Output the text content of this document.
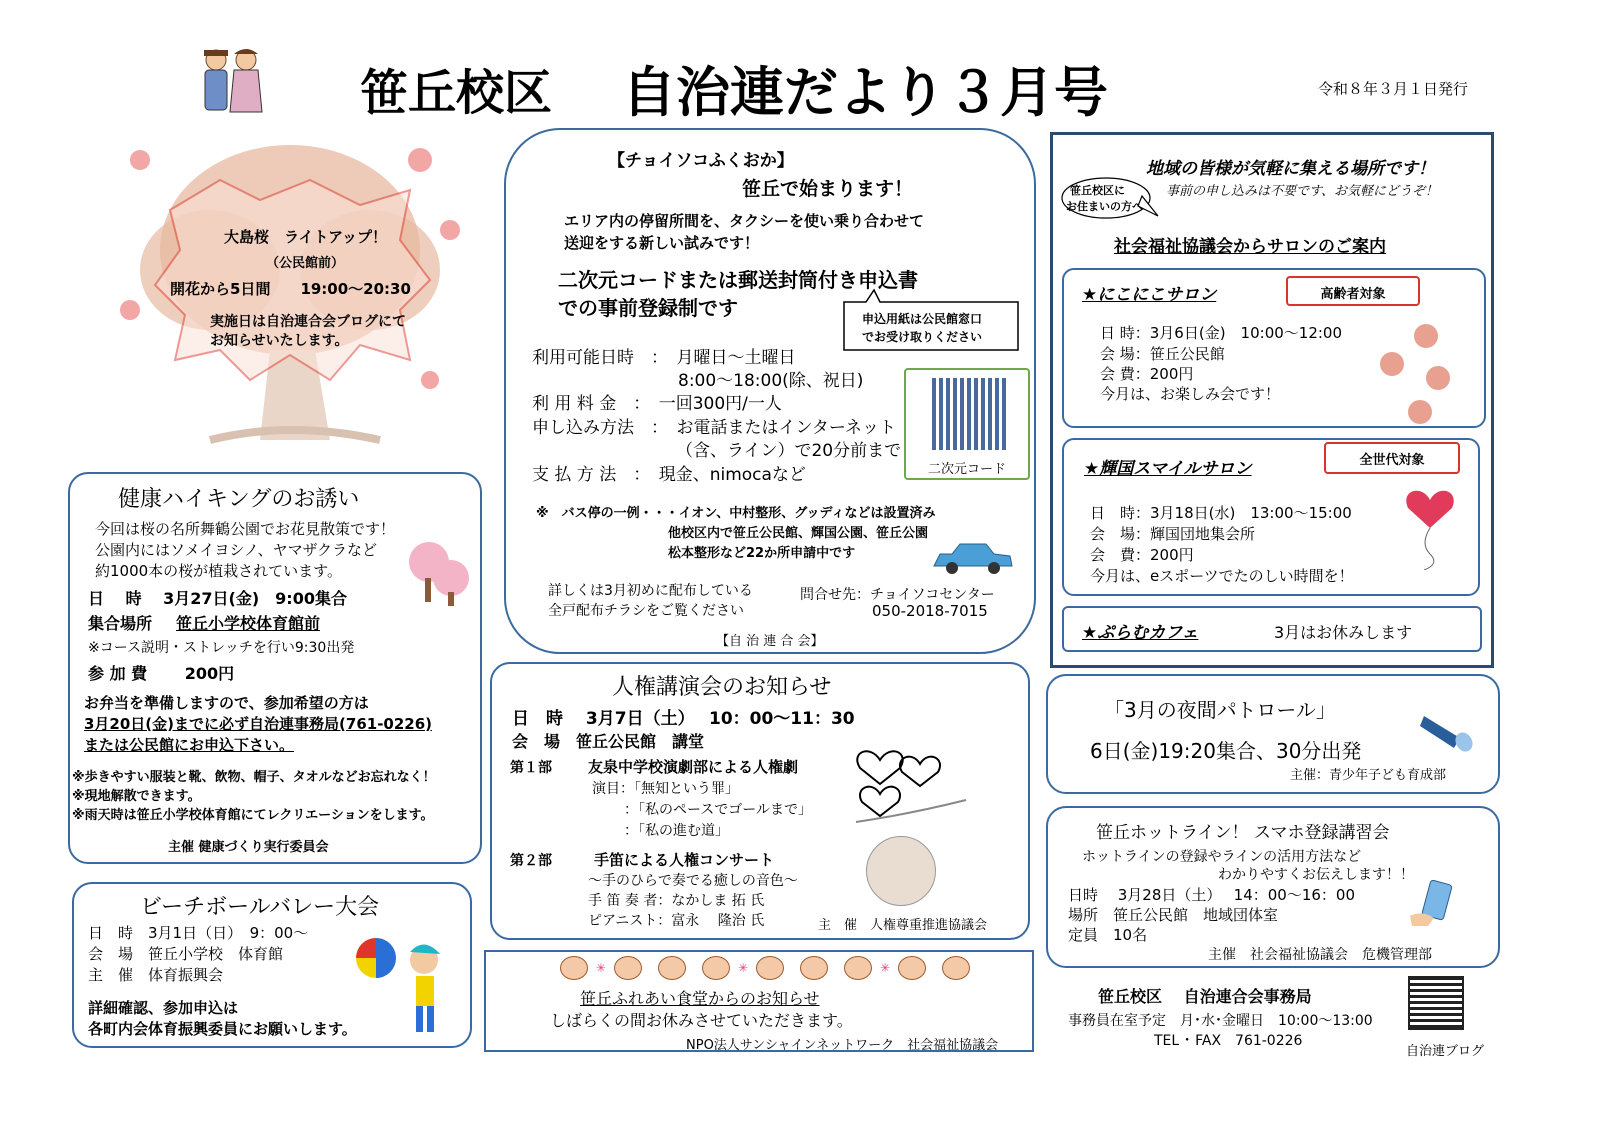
笹丘校区 自治連だより３月号	令和８年３月１日発行
大島桜　ライトアップ！
（公民館前）
開花から5日間　　19:00～20:30
実施日は自治連合会ブログにて
お知らせいたします。
健康ハイキングのお誘い
今回は桜の名所舞鶴公園でお花見散策です！
公園内にはソメイヨシノ、ヤマザクラなど
約1000本の桜が植栽されています。
日　 時　 3月27日(金)　9:00集合
集合場所 笹丘小学校体育館前
※コース説明・ストレッチを行い9:30出発
参 加 費　　 200円
お弁当を準備しますので、参加希望の方は
3月20日(金)までに必ず自治連事務局(761-0226)
または公民館にお申込下さい。
※歩きやすい服装と靴、飲物、帽子、タオルなどお忘れなく！
※現地解散できます。
※雨天時は笹丘小学校体育館にてレクリエーションをします。
主催 健康づくり実行委員会
ビーチボールバレー大会
日　時　3月1日（日）　9：00～
会　場　笹丘小学校　体育館
主　催　体育振興会
詳細確認、参加申込は
各町内会体育振興委員にお願いします。
【チョイソコふくおか】
笹丘で始まります！
エリア内の停留所間を、タクシーを使い乗り合わせて
送迎をする新しい試みです！
二次元コードまたは郵送封筒付き申込書
での事前登録制です	申込用紙は公民館窓口
でお受け取りください
利用可能日時　：　月曜日～土曜日
8:00～18:00(除、祝日)
利 用 料 金　：　一回300円/一人
申し込み方法　：　お電話またはインターネット
（含、ライン）で20分前まで
支 払 方 法　：　現金、nimocaなど	二次元コード
※　バス停の一例・・・イオン、中村整形、グッディなどは設置済み
他校区内で笹丘公民館、輝国公園、笹丘公園
松本整形など22か所申請中です
詳しくは3月初めに配布している
全戸配布チラシをご覧ください
問合せ先：チョイソコセンター
050-2018-7015
【自 治 連 合 会】
人権講演会のお知らせ
日　時　 3月7日（土）　 10：00～11：30
会　場　笹丘公民館　講堂
第１部 友泉中学校演劇部による人権劇
演目：「無知という罪」
：「私のペースでゴールまで」
：「私の進む道」
第２部	手笛による人権コンサート
～手のひらで奏でる癒しの音色～
手 笛 奏 者：なかしま 拓 氏
ピアニスト：富永　 隆治 氏	主　催　人権尊重推進協議会
✳	✳	✳
笹丘ふれあい食堂からのお知らせ
しばらくの間お休みさせていただきます。
NPO法人サンシャインネットワーク　社会福祉協議会
地域の皆様が気軽に集える場所です！
事前の申し込みは不要です、お気軽にどうぞ！
笹丘校区に
お住まいの方へ
社会福祉協議会からサロンのご案内
★にこにこサロン	高齢者対象
日 時：3月6日(金)　10:00～12:00
会 場：笹丘公民館
会 費：200円
今月は、お楽しみ会です！
★輝国スマイルサロン	全世代対象
日　時：3月18日(水)　13:00～15:00
会　場：輝国団地集会所
会　費：200円
今月は、eスポーツでたのしい時間を！
★ぷらむカフェ	3月はお休みします
「3月の夜間パトロール」
6日(金)19:20集合、30分出発
主催：青少年子ども育成部
笹丘ホットライン！ スマホ登録講習会
ホットラインの登録やラインの活用方法など
わかりやすくお伝えします！！
日時　 3月28日（土）　 14：00～16：00
場所　笹丘公民館　地域団体室
定員　10名
主催　社会福祉協議会　危機管理部
笹丘校区　 自治連合会事務局
事務員在室予定　月･水･金曜日　10:00～13:00
TEL ･ FAX　761-0226
自治連ブログ
